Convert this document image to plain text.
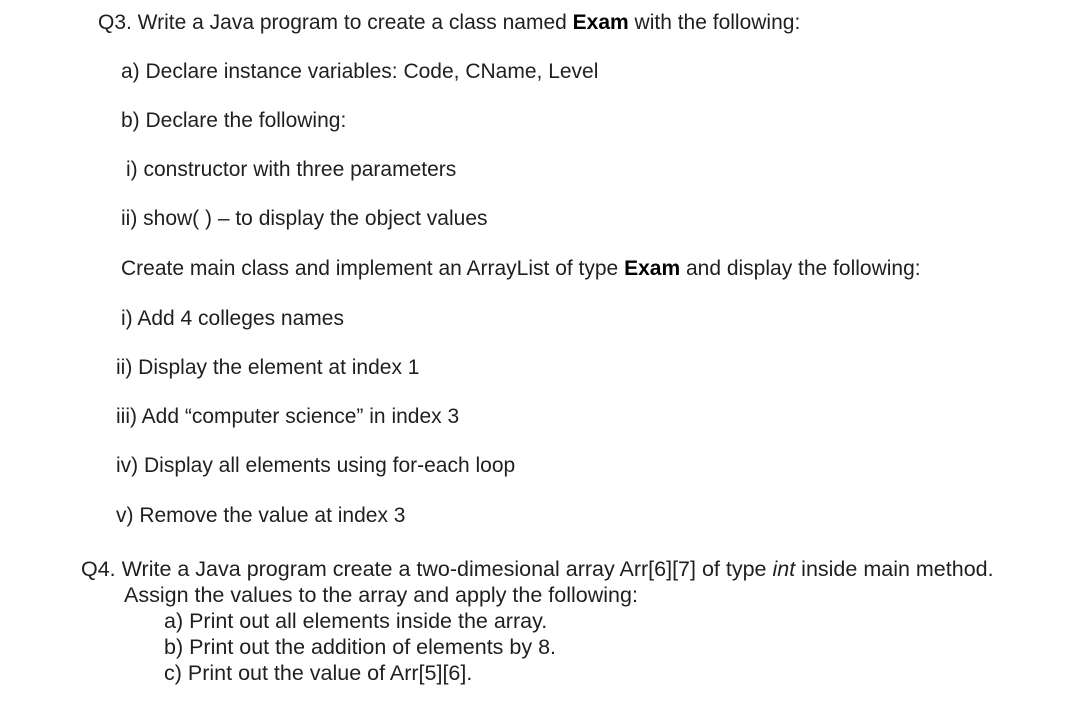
Q3. Write a Java program to create a class named Exam with the following:
a) Declare instance variables: Code, CName, Level
b) Declare the following:
i) constructor with three parameters
ii) show( ) – to display the object values
Create main class and implement an ArrayList of type Exam and display the following:
i) Add 4 colleges names
ii) Display the element at index 1
iii) Add “computer science” in index 3
iv) Display all elements using for-each loop
v) Remove the value at index 3
Q4. Write a Java program create a two-dimesional array Arr[6][7] of type int inside main method.
Assign the values to the array and apply the following:
a) Print out all elements inside the array.
b) Print out the addition of elements by 8.
c) Print out the value of Arr[5][6].
